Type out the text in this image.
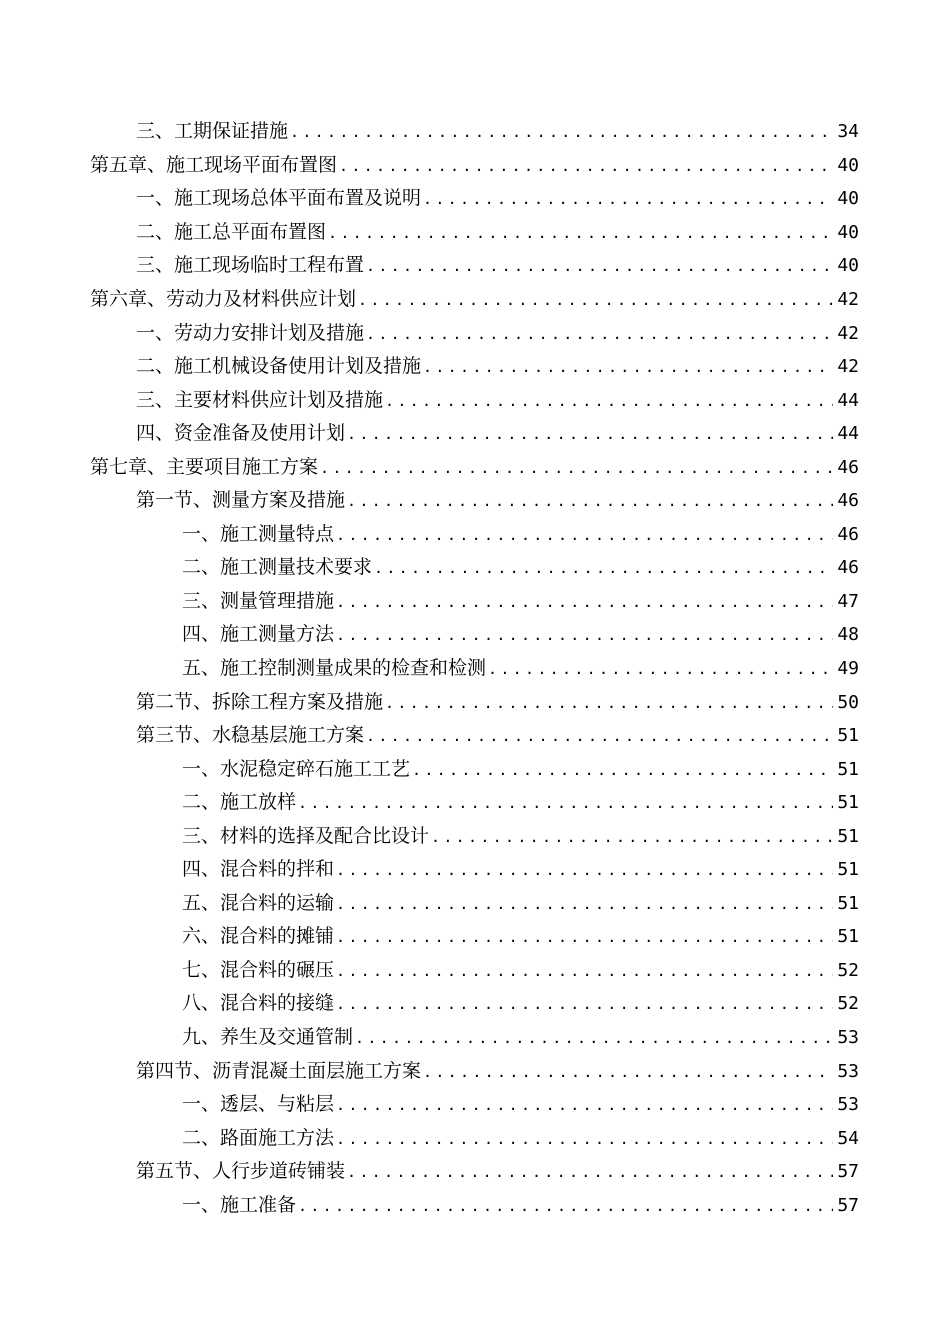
三、工期保证措施 .....	34
第五章、施工现场平面布置图 .....	40
一、施工现场总体平面布置及说明 .....	40
二、施工总平面布置图 .....	40
三、施工现场临时工程布置 .....	40
第六章、劳动力及材料供应计划 .....	42
一、劳动力安排计划及措施 .....	42
二、施工机械设备使用计划及措施 .....	42
三、主要材料供应计划及措施 .....	44
四、资金准备及使用计划 .....	44
第七章、主要项目施工方案 .....	46
第一节、测量方案及措施 .....	46
一、施工测量特点 .....	46
二、施工测量技术要求 .....	46
三、测量管理措施 .....	47
四、施工测量方法 .....	48
五、施工控制测量成果的检查和检测 .....	49
第二节、拆除工程方案及措施 .....	50
第三节、水稳基层施工方案 .....	51
一、水泥稳定碎石施工工艺 .....	51
二、施工放样 .....	51
三、材料的选择及配合比设计 .....	51
四、混合料的拌和 .....	51
五、混合料的运输 .....	51
六、混合料的摊铺 .....	51
七、混合料的碾压 .....	52
八、混合料的接缝 .....	52
九、养生及交通管制 .....	53
第四节、沥青混凝土面层施工方案 .....	53
一、透层、与粘层 .....	53
二、路面施工方法 .....	54
第五节、人行步道砖铺装 .....	57
一、施工准备 .....	57
